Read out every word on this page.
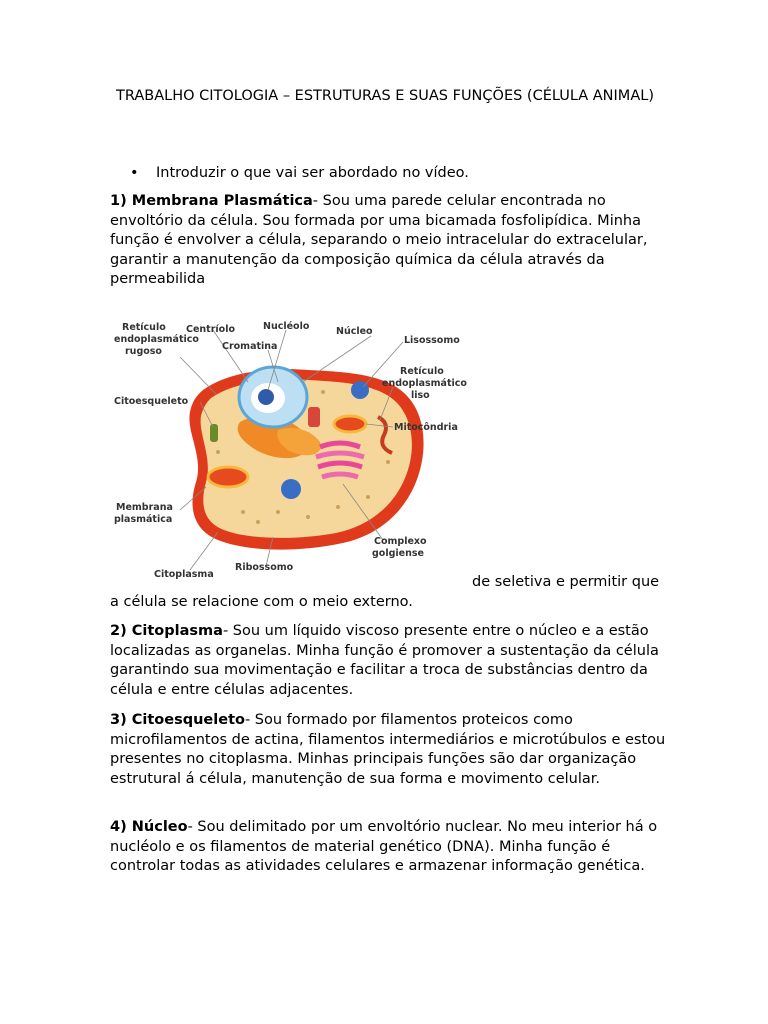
TRABALHO CITOLOGIA – ESTRUTURAS E SUAS FUNÇÕES (CÉLULA ANIMAL)
• Introduzir o que vai ser abordado no vídeo.

1) Membrana Plasmática- Sou uma parede celular encontrada no envoltório da célula. Sou formada por uma bicamada fosfolipídica. Minha função é envolver a célula, separando o meio intracelular do extracelular, garantir a manutenção da composição química da célula através da permeabilida

Retículo
endoplasmático
rugoso
Centríolo	Nucléolo	Núcleo
Cromatina
Lisossomo
Retículo
endoplasmático
liso
Citoesqueleto
Mitocôndria
Membrana
plasmática
Complexo
golgiense
Ribossomo
Citoplasma	de seletiva e permitir que a célula se relacione com o meio externo.

2) Citoplasma- Sou um líquido viscoso presente entre o núcleo e a estão localizadas as organelas. Minha função é promover a sustentação da célula garantindo sua movimentação e facilitar a troca de substâncias dentro da célula e entre células adjacentes.

3) Citoesqueleto- Sou formado por filamentos proteicos como microfilamentos de actina, filamentos intermediários e microtúbulos e estou presentes no citoplasma. Minhas principais funções são dar organização estrutural á célula, manutenção de sua forma e movimento celular.

4) Núcleo- Sou delimitado por um envoltório nuclear. No meu interior há o nucléolo e os filamentos de material genético (DNA). Minha função é controlar todas as atividades celulares e armazenar informação genética.
